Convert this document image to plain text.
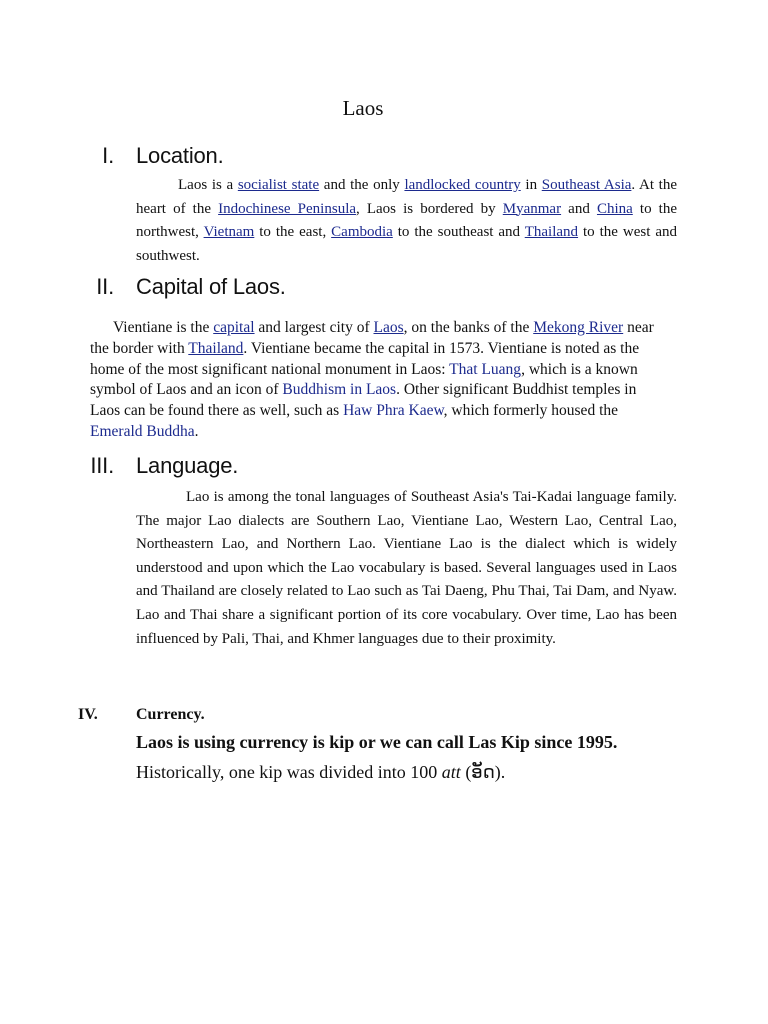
Laos
I. Location.

Laos is a socialist state and the only landlocked country in Southeast Asia. At the heart of the Indochinese Peninsula, Laos is bordered by Myanmar and China to the northwest, Vietnam to the east, Cambodia to the southeast and Thailand to the west and southwest.

II. Capital of Laos.

Vientiane is the capital and largest city of Laos, on the banks of the Mekong River near the border with Thailand. Vientiane became the capital in 1573. Vientiane is noted as the home of the most significant national monument in Laos: That Luang, which is a known symbol of Laos and an icon of Buddhism in Laos. Other significant Buddhist temples in Laos can be found there as well, such as Haw Phra Kaew, which formerly housed the Emerald Buddha.

III. Language.

Lao is among the tonal languages of Southeast Asia's Tai-Kadai language family. The major Lao dialects are Southern Lao, Vientiane Lao, Western Lao, Central Lao, Northeastern Lao, and Northern Lao. Vientiane Lao is the dialect which is widely understood and upon which the Lao vocabulary is based. Several languages used in Laos and Thailand are closely related to Lao such as Tai Daeng, Phu Thai, Tai Dam, and Nyaw. Lao and Thai share a significant portion of its core vocabulary. Over time, Lao has been influenced by Pali, Thai, and Khmer languages due to their proximity.

IV. Currency.
Laos is using currency is kip or we can call Las Kip since 1995.
Historically, one kip was divided into 100 att (ອັດ).
